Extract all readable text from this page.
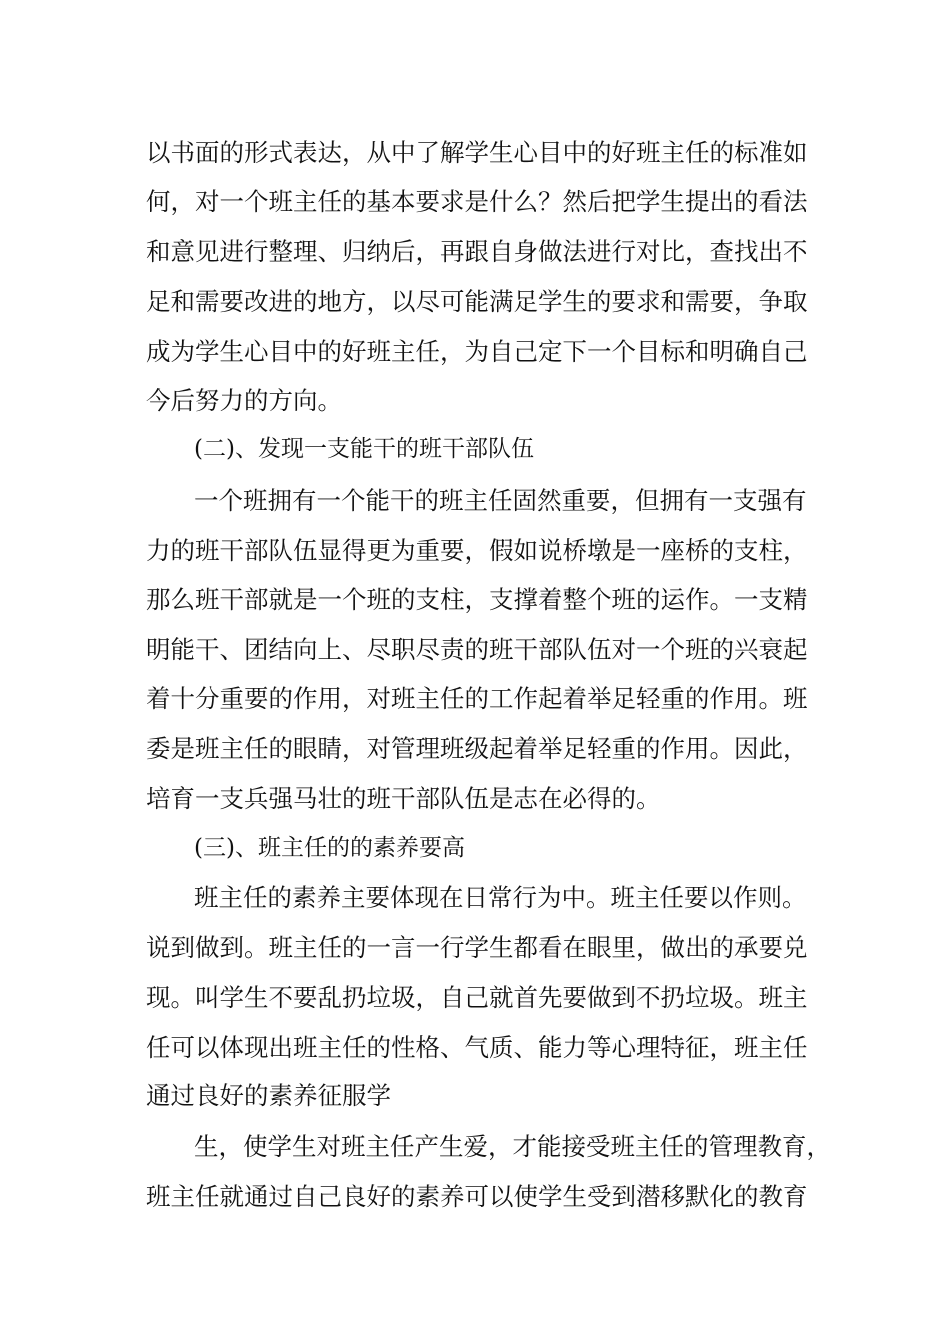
以书面的形式表达，从中了解学生心目中的好班主任的标准如

何，对一个班主任的基本要求是什么？然后把学生提出的看法

和意见进行整理、归纳后，再跟自身做法进行对比，查找出不

足和需要改进的地方，以尽可能满足学生的要求和需要，争取

成为学生心目中的好班主任，为自己定下一个目标和明确自己

今后努力的方向。

(二)、发现一支能干的班干部队伍

一个班拥有一个能干的班主任固然重要，但拥有一支强有

力的班干部队伍显得更为重要，假如说桥墩是一座桥的支柱，

那么班干部就是一个班的支柱，支撑着整个班的运作。一支精

明能干、团结向上、尽职尽责的班干部队伍对一个班的兴衰起

着十分重要的作用，对班主任的工作起着举足轻重的作用。班

委是班主任的眼睛，对管理班级起着举足轻重的作用。因此，

培育一支兵强马壮的班干部队伍是志在必得的。

(三)、班主任的的素养要高

班主任的素养主要体现在日常行为中。班主任要以作则。

说到做到。班主任的一言一行学生都看在眼里，做出的承要兑

现。叫学生不要乱扔垃圾，自己就首先要做到不扔垃圾。班主

任可以体现出班主任的性格、气质、能力等心理特征，班主任

通过良好的素养征服学

生，使学生对班主任产生爱，才能接受班主任的管理教育，

班主任就通过自己良好的素养可以使学生受到潜移默化的教育
